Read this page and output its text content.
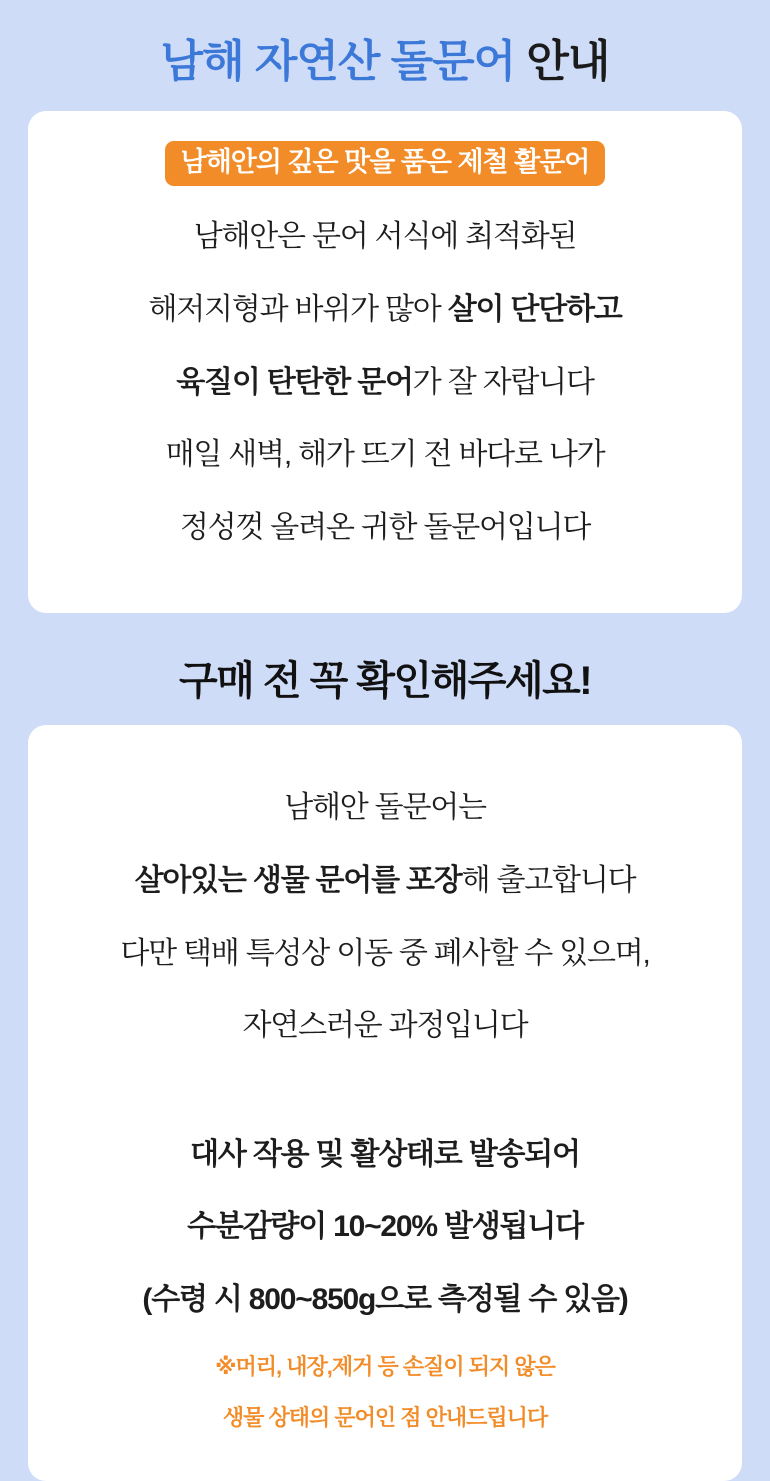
남해 자연산 돌문어 안내
남해안의 깊은 맛을 품은 제철 활문어

남해안은 문어 서식에 최적화된

해저지형과 바위가 많아 살이 단단하고

육질이 탄탄한 문어가 잘 자랍니다

매일 새벽, 해가 뜨기 전 바다로 나가

정성껏 올려온 귀한 돌문어입니다

구매 전 꼭 확인해주세요!

남해안 돌문어는

살아있는 생물 문어를 포장해 출고합니다

다만 택배 특성상 이동 중 폐사할 수 있으며,

자연스러운 과정입니다

대사 작용 및 활상태로 발송되어

수분감량이 10~20% 발생됩니다

(수령 시 800~850g으로 측정될 수 있음)

※머리, 내장,제거 등 손질이 되지 않은

생물 상태의 문어인 점 안내드립니다
